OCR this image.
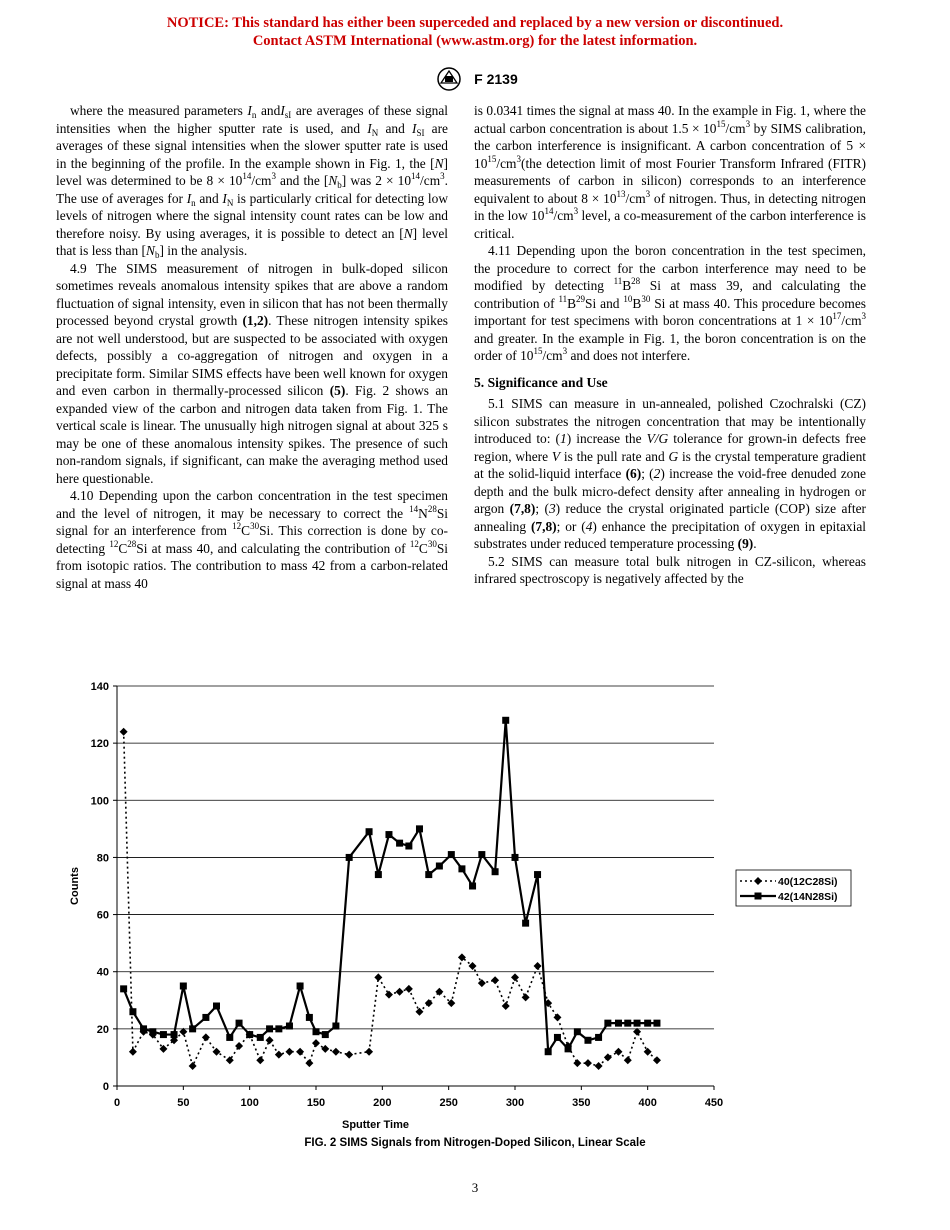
NOTICE: This standard has either been superceded and replaced by a new version or discontinued.
Contact ASTM International (www.astm.org) for the latest information.
F 2139

where the measured parameters $I_n$ andI$_{sI}$ are averages of these signal intensities when the higher sputter rate is used, and $I_N$ and $I_{SI}$ are averages of these signal intensities when the slower sputter rate is used in the beginning of the profile. In the example shown in Fig. 1, the [N] level was determined to be $8 \times 10^{14}/cm^3$ and the $[N_b]$ was $2 \times 10^{14}/cm^3$. The use of averages for $I_n$ and $I_N$ is particularly critical for detecting low levels of nitrogen where the signal intensity count rates can be low and therefore noisy. By using averages, it is possible to detect an [N] level that is less than $[N_b]$ in the analysis.

4.9 The SIMS measurement of nitrogen in bulk-doped silicon sometimes reveals anomalous intensity spikes that are above a random fluctuation of signal intensity, even in silicon that has not been thermally processed beyond crystal growth (1,2). These nitrogen intensity spikes are not well understood, but are suspected to be associated with oxygen defects, possibly a co-aggregation of nitrogen and oxygen in a precipitate form. Similar SIMS effects have been well known for oxygen and even carbon in thermally-processed silicon (5). Fig. 2 shows an expanded view of the carbon and nitrogen data taken from Fig. 1. The vertical scale is linear. The unusually high nitrogen signal at about 325 s may be one of these anomalous intensity spikes. The presence of such non-random signals, if significant, can make the averaging method used here questionable.

4.10 Depending upon the carbon concentration in the test specimen and the level of nitrogen, it may be necessary to correct the $^{14}N^{28}Si$ signal for an interference from $^{12}C^{30}Si$. This correction is done by co-detecting $^{12}C^{28}Si$ at mass 40, and calculating the contribution of $^{12}C^{30}Si$ from isotopic ratios. The contribution to mass 42 from a carbon-related signal at mass 40

is 0.0341 times the signal at mass 40. In the example in Fig. 1, where the actual carbon concentration is about $1.5 \times 10^{15}/cm^3$ by SIMS calibration, the carbon interference is insignificant. A carbon concentration of $5 \times 10^{15}/cm^3(the$ detection limit of most Fourier Transform Infrared (FITR) measurements of carbon in silicon) corresponds to an interference equivalent to about $8 \times 10^{13}/cm^3$ of nitrogen. Thus, in detecting nitrogen in the low $10^{14}/cm^3$ level, a co-measurement of the carbon interference is critical.

4.11 Depending upon the boron concentration in the test specimen, the procedure to correct for the carbon interference may need to be modified by detecting $^{11}B^{28}$ Si at mass 39, and calculating the contribution of $^{11}B^{29}Si$ and $^{10}B^{30}$ Si at mass 40. This procedure becomes important for test specimens with boron concentrations at $1 \times 10^{17}/cm^3$ and greater. In the example in Fig. 1, the boron concentration is on the order of $10^{15}/cm^3$ and does not interfere.

5. Significance and Use

5.1 SIMS can measure in un-annealed, polished Czochralski (CZ) silicon substrates the nitrogen concentration that may be intentionally introduced to: (1) increase the V/G tolerance for grown-in defects free region, where V is the pull rate and G is the crystal temperature gradient at the solid-liquid interface (6); (2) increase the void-free denuded zone depth and the bulk micro-defect density after annealing in hydrogen or argon (7,8); (3) reduce the crystal originated particle (COP) size after annealing (7,8); or (4) enhance the precipitation of oxygen in epitaxial substrates under reduced temperature processing (9).

5.2 SIMS can measure total bulk nitrogen in CZ-silicon, whereas infrared spectroscopy is negatively affected by the

0
20
40
60
80
100
120
140
0	50	100	150	200	250	300	350	400	450
Sputter Time
Counts	40(12C28Si)
42(14N28Si)
FIG. 2 SIMS Signals from Nitrogen-Doped Silicon, Linear Scale
3
